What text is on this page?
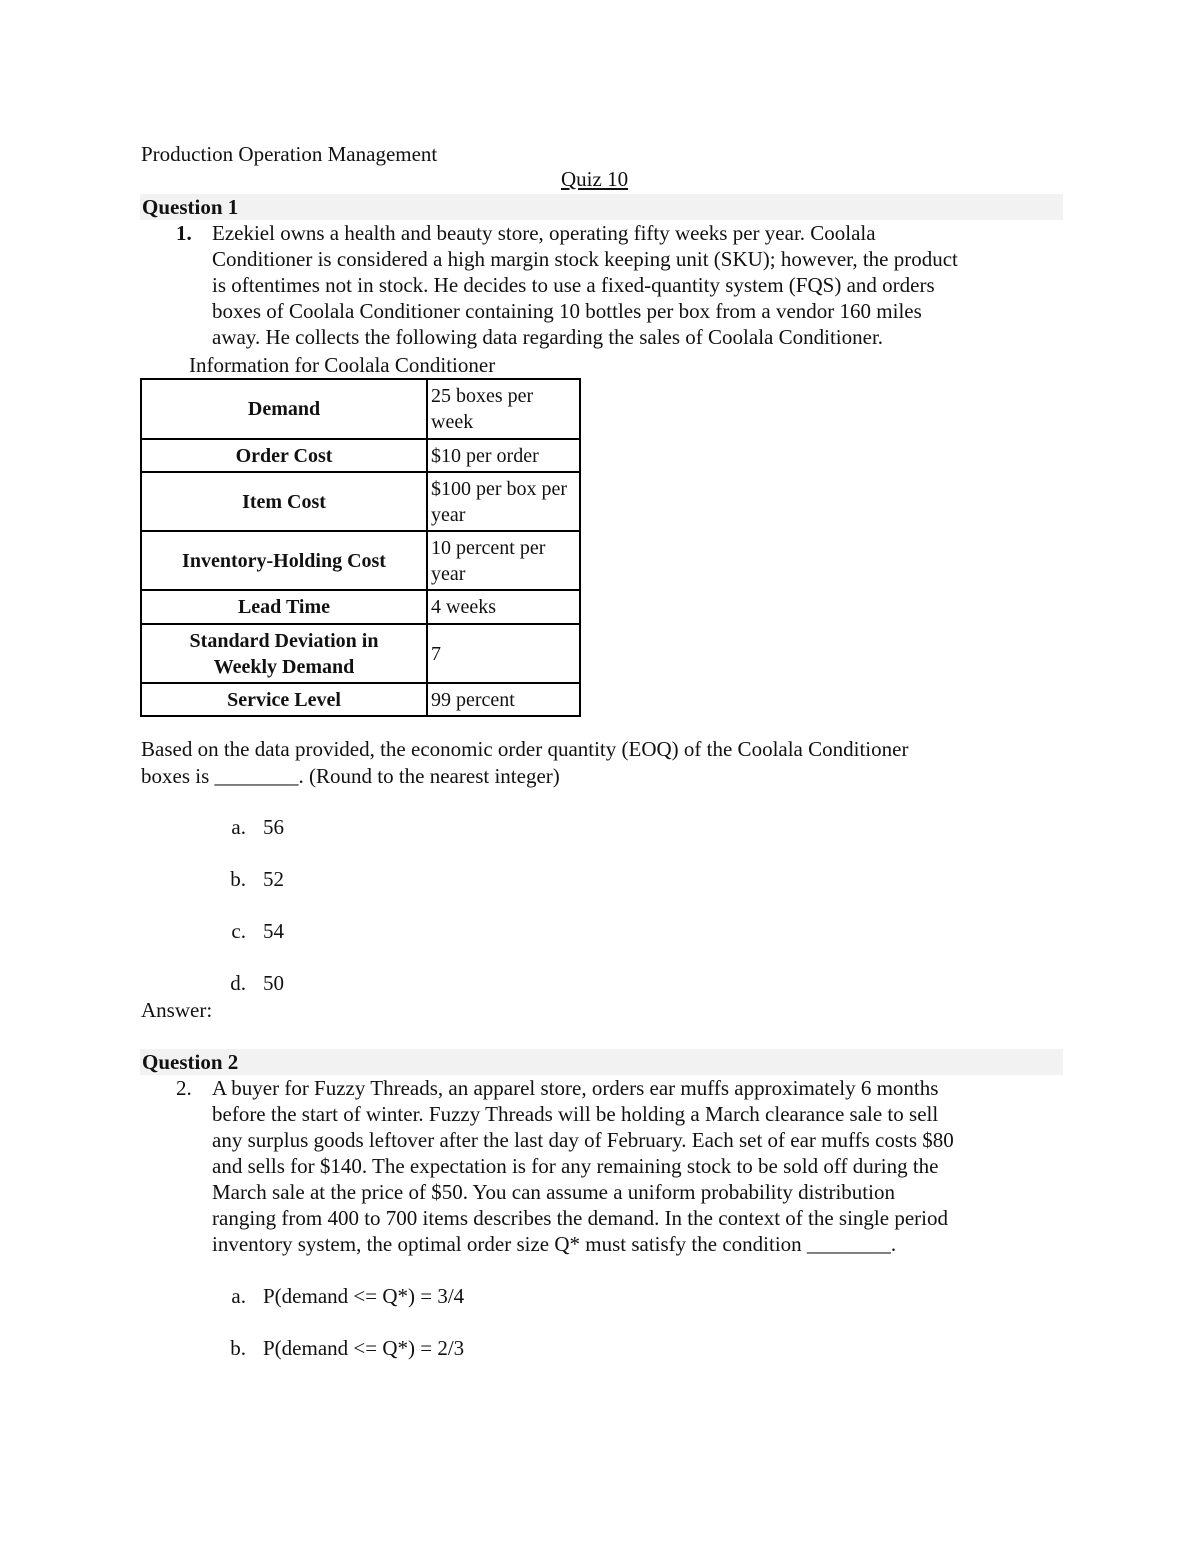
Production Operation Management
Quiz 10
Question 1
1. Ezekiel owns a health and beauty store, operating fifty weeks per year. Coolala
Conditioner is considered a high margin stock keeping unit (SKU); however, the product
is oftentimes not in stock. He decides to use a fixed-quantity system (FQS) and orders
boxes of Coolala Conditioner containing 10 bottles per box from a vendor 160 miles
away. He collects the following data regarding the sales of Coolala Conditioner.
Information for Coolala Conditioner
Demand	25 boxes per week

Order Cost	$10 per order
Item Cost	$100 per box per year

Inventory-Holding Cost	10 percent per year

Lead Time	4 weeks

Standard Deviation in Weekly Demand	7
Service Level	99 percent
Based on the data provided, the economic order quantity (EOQ) of the Coolala Conditioner
boxes is ________. (Round to the nearest integer)
a. 56
b. 52
c. 54
d. 50
Answer:
Question 2
2. A buyer for Fuzzy Threads, an apparel store, orders ear muffs approximately 6 months
before the start of winter. Fuzzy Threads will be holding a March clearance sale to sell
any surplus goods leftover after the last day of February. Each set of ear muffs costs $80
and sells for $140. The expectation is for any remaining stock to be sold off during the
March sale at the price of $50. You can assume a uniform probability distribution
ranging from 400 to 700 items describes the demand. In the context of the single period
inventory system, the optimal order size Q* must satisfy the condition ________.
a. P(demand <= Q*) = 3/4
b. P(demand <= Q*) = 2/3
